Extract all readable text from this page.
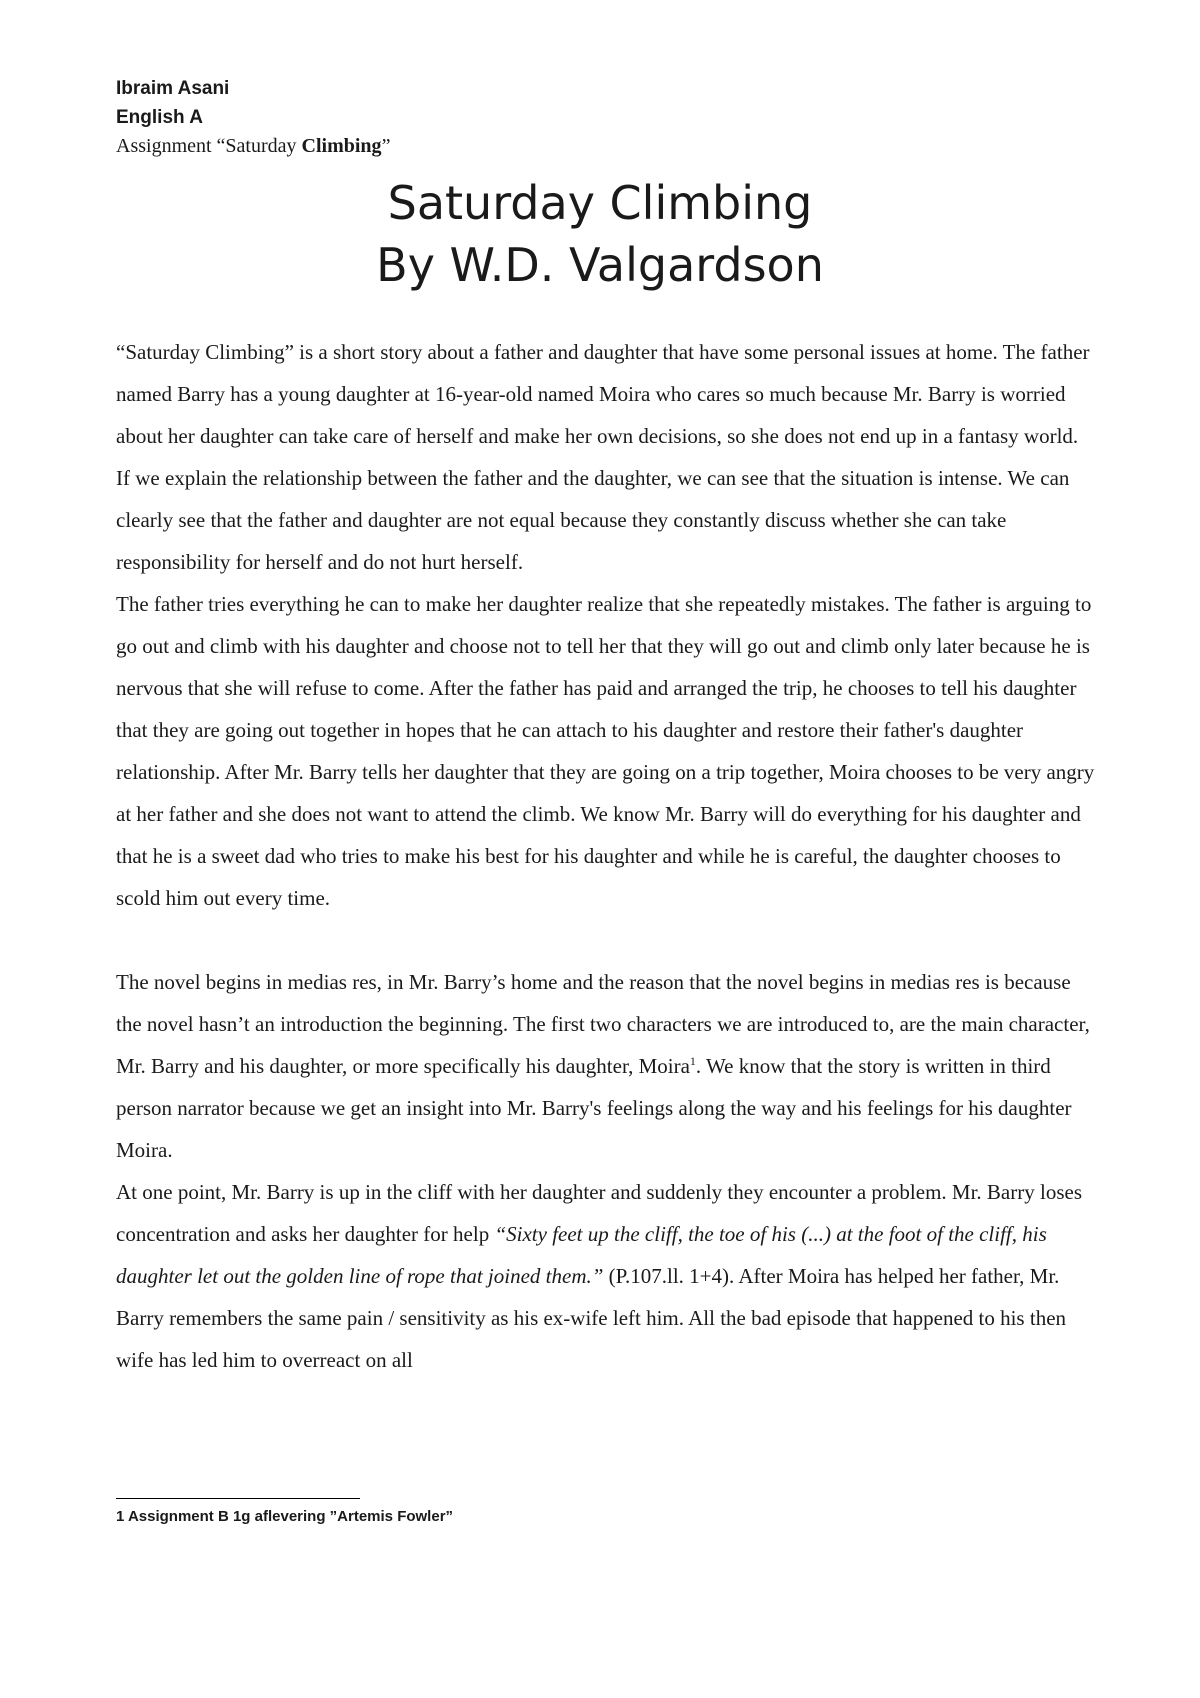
Ibraim Asani
English A
Assignment “Saturday Climbing”
Saturday Climbing
By W.D. Valgardson

“Saturday Climbing” is a short story about a father and daughter that have some personal issues at home. The father named Barry has a young daughter at 16-year-old named Moira who cares so much because Mr. Barry is worried about her daughter can take care of herself and make her own decisions, so she does not end up in a fantasy world. If we explain the relationship between the father and the daughter, we can see that the situation is intense. We can clearly see that the father and daughter are not equal because they constantly discuss whether she can take responsibility for herself and do not hurt herself.

The father tries everything he can to make her daughter realize that she repeatedly mistakes. The father is arguing to go out and climb with his daughter and choose not to tell her that they will go out and climb only later because he is nervous that she will refuse to come. After the father has paid and arranged the trip, he chooses to tell his daughter that they are going out together in hopes that he can attach to his daughter and restore their father's daughter relationship. After Mr. Barry tells her daughter that they are going on a trip together, Moira chooses to be very angry at her father and she does not want to attend the climb. We know Mr. Barry will do everything for his daughter and that he is a sweet dad who tries to make his best for his daughter and while he is careful, the daughter chooses to scold him out every time.

The novel begins in medias res, in Mr. Barry’s home and the reason that the novel begins in medias res is because the novel hasn’t an introduction the beginning. The first two characters we are introduced to, are the main character, Mr. Barry and his daughter, or more specifically his daughter, Moira$^1$. We know that the story is written in third person narrator because we get an insight into Mr. Barry's feelings along the way and his feelings for his daughter Moira.

At one point, Mr. Barry is up in the cliff with her daughter and suddenly they encounter a problem. Mr. Barry loses concentration and asks her daughter for help “Sixty feet up the cliff, the toe of his (...) at the foot of the cliff, his daughter let out the golden line of rope that joined them.” (P.107.ll. 1+4). After Moira has helped her father, Mr. Barry remembers the same pain / sensitivity as his ex-wife left him. All the bad episode that happened to his then wife has led him to overreact on all

1 Assignment B 1g aflevering ”Artemis Fowler”
